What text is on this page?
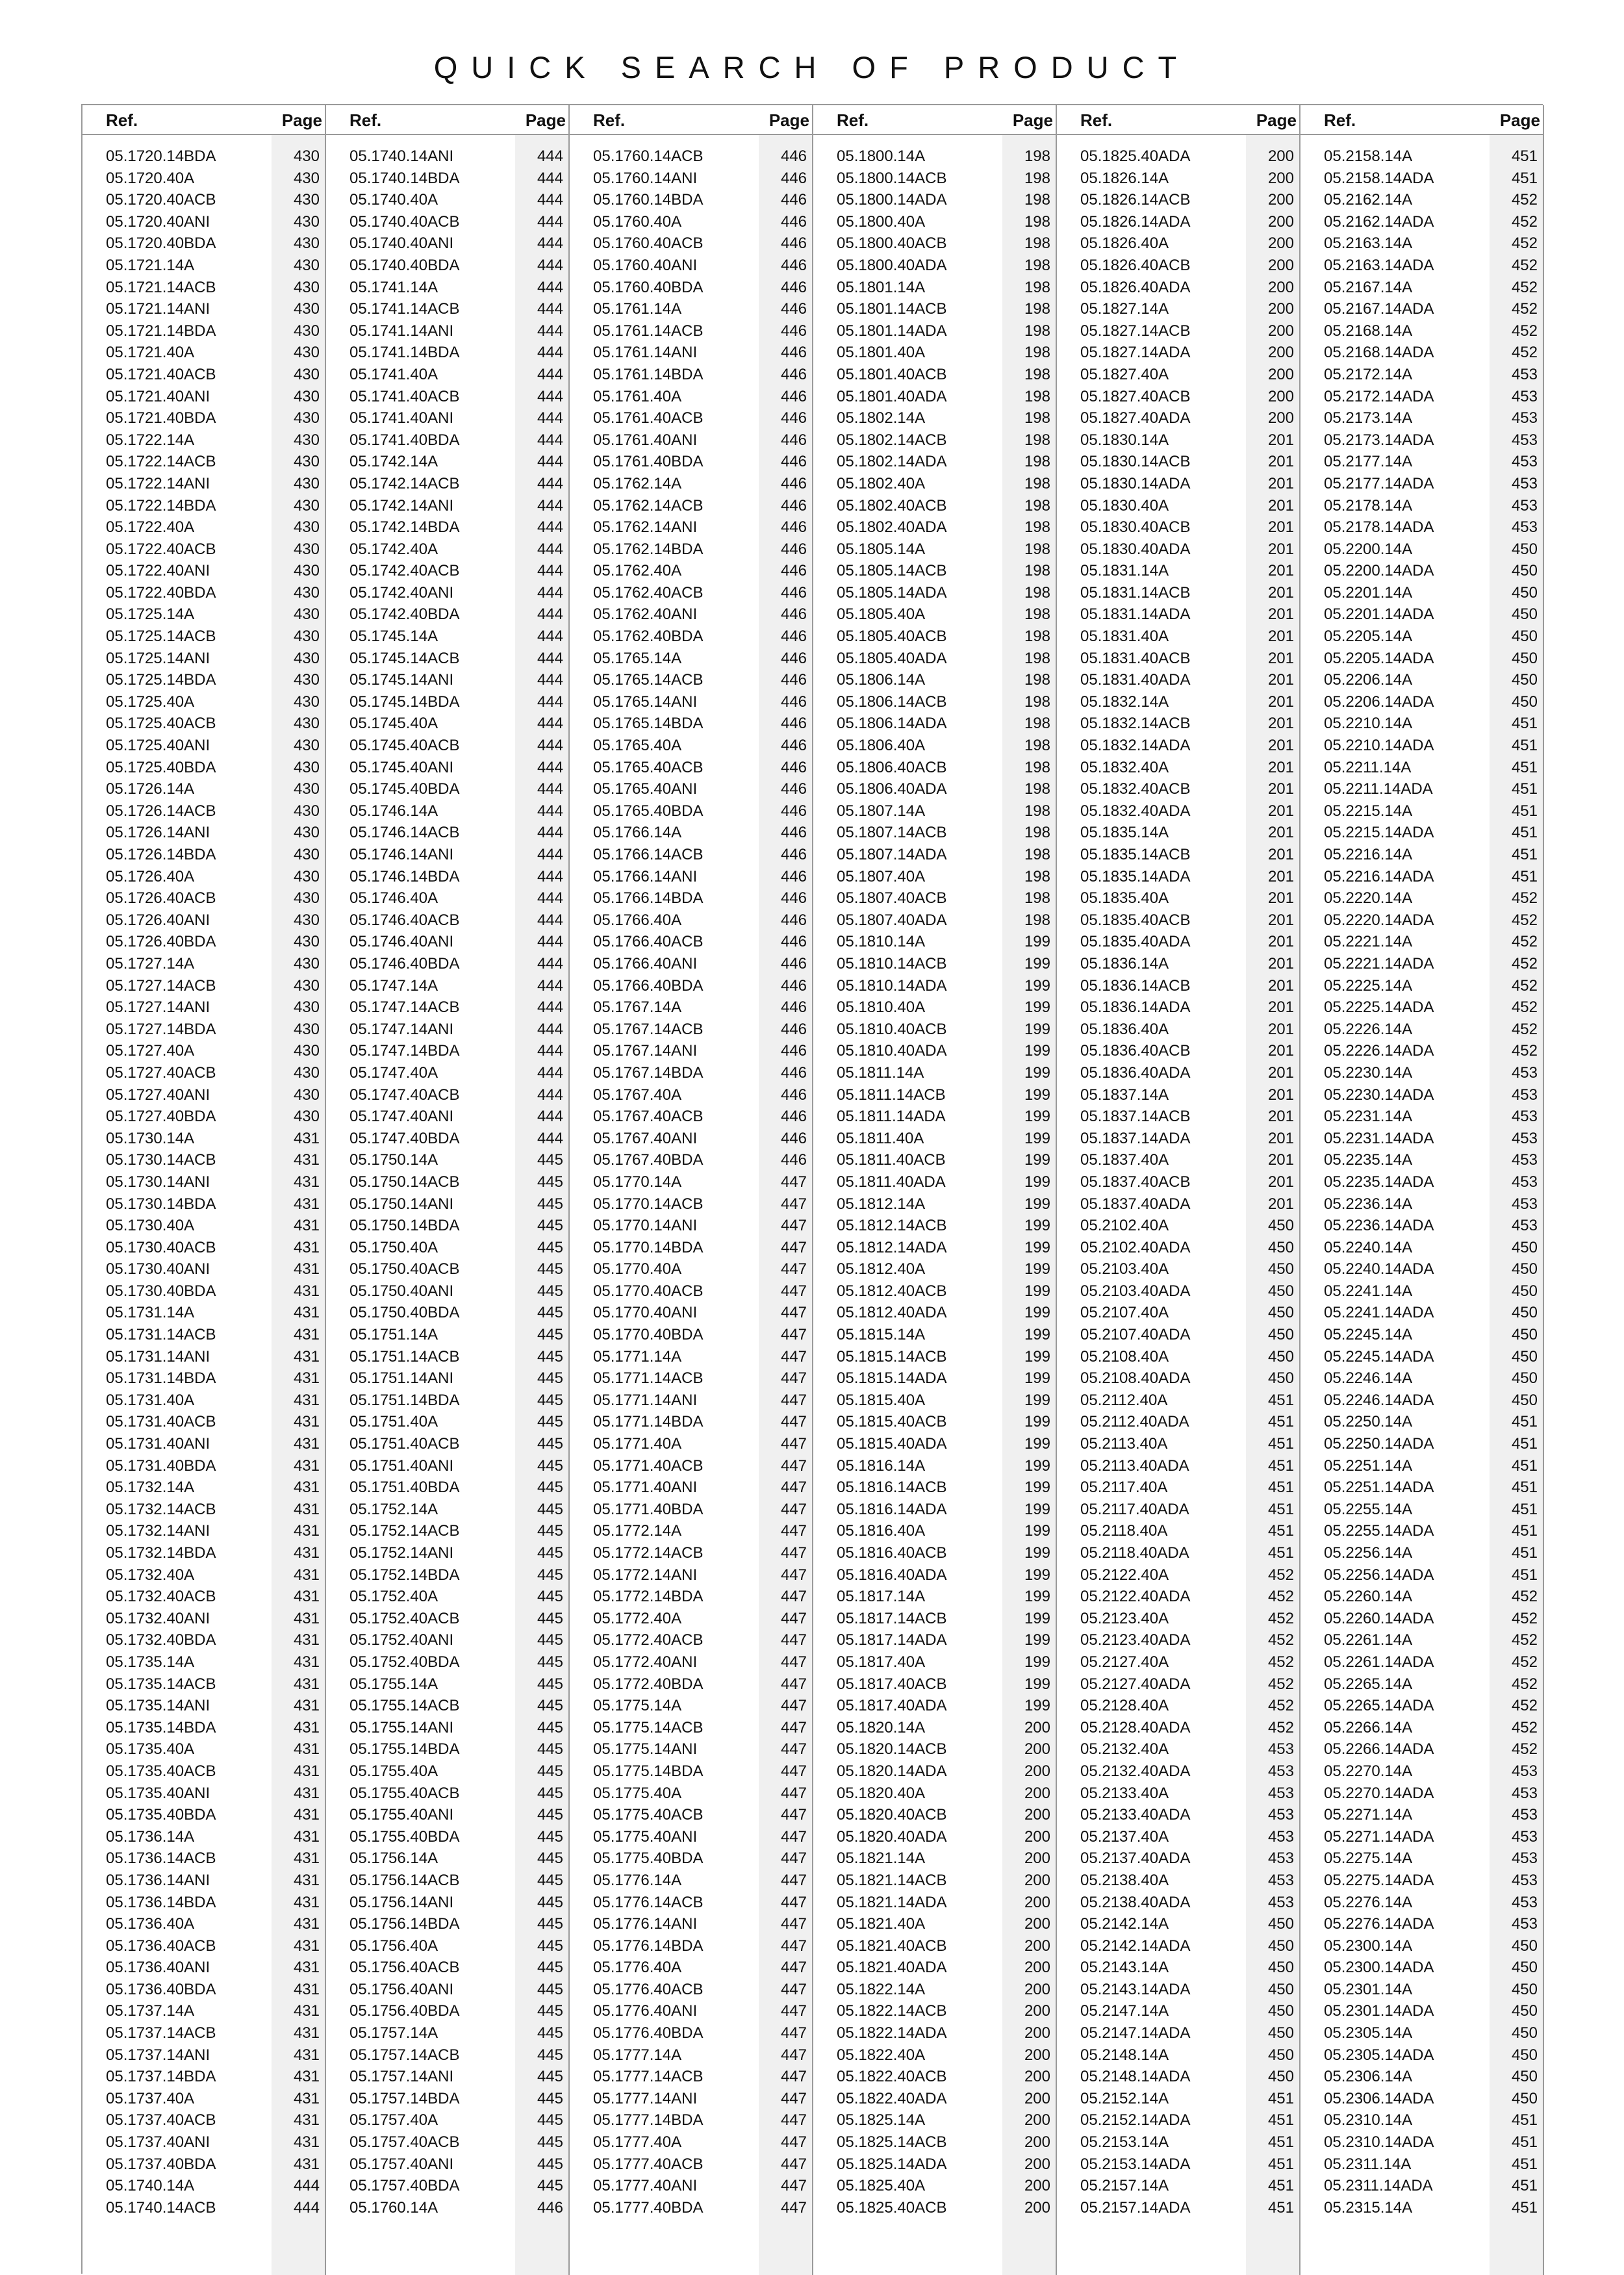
QUICK SEARCH OF PRODUCT
Ref.	Page
05.1720.14BDA	430
05.1720.40A	430
05.1720.40ACB	430
05.1720.40ANI	430
05.1720.40BDA	430
05.1721.14A	430
05.1721.14ACB	430
05.1721.14ANI	430
05.1721.14BDA	430
05.1721.40A	430
05.1721.40ACB	430
05.1721.40ANI	430
05.1721.40BDA	430
05.1722.14A	430
05.1722.14ACB	430
05.1722.14ANI	430
05.1722.14BDA	430
05.1722.40A	430
05.1722.40ACB	430
05.1722.40ANI	430
05.1722.40BDA	430
05.1725.14A	430
05.1725.14ACB	430
05.1725.14ANI	430
05.1725.14BDA	430
05.1725.40A	430
05.1725.40ACB	430
05.1725.40ANI	430
05.1725.40BDA	430
05.1726.14A	430
05.1726.14ACB	430
05.1726.14ANI	430
05.1726.14BDA	430
05.1726.40A	430
05.1726.40ACB	430
05.1726.40ANI	430
05.1726.40BDA	430
05.1727.14A	430
05.1727.14ACB	430
05.1727.14ANI	430
05.1727.14BDA	430
05.1727.40A	430
05.1727.40ACB	430
05.1727.40ANI	430
05.1727.40BDA	430
05.1730.14A	431
05.1730.14ACB	431
05.1730.14ANI	431
05.1730.14BDA	431
05.1730.40A	431
05.1730.40ACB	431
05.1730.40ANI	431
05.1730.40BDA	431
05.1731.14A	431
05.1731.14ACB	431
05.1731.14ANI	431
05.1731.14BDA	431
05.1731.40A	431
05.1731.40ACB	431
05.1731.40ANI	431
05.1731.40BDA	431
05.1732.14A	431
05.1732.14ACB	431
05.1732.14ANI	431
05.1732.14BDA	431
05.1732.40A	431
05.1732.40ACB	431
05.1732.40ANI	431
05.1732.40BDA	431
05.1735.14A	431
05.1735.14ACB	431
05.1735.14ANI	431
05.1735.14BDA	431
05.1735.40A	431
05.1735.40ACB	431
05.1735.40ANI	431
05.1735.40BDA	431
05.1736.14A	431
05.1736.14ACB	431
05.1736.14ANI	431
05.1736.14BDA	431
05.1736.40A	431
05.1736.40ACB	431
05.1736.40ANI	431
05.1736.40BDA	431
05.1737.14A	431
05.1737.14ACB	431
05.1737.14ANI	431
05.1737.14BDA	431
05.1737.40A	431
05.1737.40ACB	431
05.1737.40ANI	431
05.1737.40BDA	431
05.1740.14A	444
05.1740.14ACB	444
Ref.	Page
05.1740.14ANI	444
05.1740.14BDA	444
05.1740.40A	444
05.1740.40ACB	444
05.1740.40ANI	444
05.1740.40BDA	444
05.1741.14A	444
05.1741.14ACB	444
05.1741.14ANI	444
05.1741.14BDA	444
05.1741.40A	444
05.1741.40ACB	444
05.1741.40ANI	444
05.1741.40BDA	444
05.1742.14A	444
05.1742.14ACB	444
05.1742.14ANI	444
05.1742.14BDA	444
05.1742.40A	444
05.1742.40ACB	444
05.1742.40ANI	444
05.1742.40BDA	444
05.1745.14A	444
05.1745.14ACB	444
05.1745.14ANI	444
05.1745.14BDA	444
05.1745.40A	444
05.1745.40ACB	444
05.1745.40ANI	444
05.1745.40BDA	444
05.1746.14A	444
05.1746.14ACB	444
05.1746.14ANI	444
05.1746.14BDA	444
05.1746.40A	444
05.1746.40ACB	444
05.1746.40ANI	444
05.1746.40BDA	444
05.1747.14A	444
05.1747.14ACB	444
05.1747.14ANI	444
05.1747.14BDA	444
05.1747.40A	444
05.1747.40ACB	444
05.1747.40ANI	444
05.1747.40BDA	444
05.1750.14A	445
05.1750.14ACB	445
05.1750.14ANI	445
05.1750.14BDA	445
05.1750.40A	445
05.1750.40ACB	445
05.1750.40ANI	445
05.1750.40BDA	445
05.1751.14A	445
05.1751.14ACB	445
05.1751.14ANI	445
05.1751.14BDA	445
05.1751.40A	445
05.1751.40ACB	445
05.1751.40ANI	445
05.1751.40BDA	445
05.1752.14A	445
05.1752.14ACB	445
05.1752.14ANI	445
05.1752.14BDA	445
05.1752.40A	445
05.1752.40ACB	445
05.1752.40ANI	445
05.1752.40BDA	445
05.1755.14A	445
05.1755.14ACB	445
05.1755.14ANI	445
05.1755.14BDA	445
05.1755.40A	445
05.1755.40ACB	445
05.1755.40ANI	445
05.1755.40BDA	445
05.1756.14A	445
05.1756.14ACB	445
05.1756.14ANI	445
05.1756.14BDA	445
05.1756.40A	445
05.1756.40ACB	445
05.1756.40ANI	445
05.1756.40BDA	445
05.1757.14A	445
05.1757.14ACB	445
05.1757.14ANI	445
05.1757.14BDA	445
05.1757.40A	445
05.1757.40ACB	445
05.1757.40ANI	445
05.1757.40BDA	445
05.1760.14A	446
Ref.	Page
05.1760.14ACB	446
05.1760.14ANI	446
05.1760.14BDA	446
05.1760.40A	446
05.1760.40ACB	446
05.1760.40ANI	446
05.1760.40BDA	446
05.1761.14A	446
05.1761.14ACB	446
05.1761.14ANI	446
05.1761.14BDA	446
05.1761.40A	446
05.1761.40ACB	446
05.1761.40ANI	446
05.1761.40BDA	446
05.1762.14A	446
05.1762.14ACB	446
05.1762.14ANI	446
05.1762.14BDA	446
05.1762.40A	446
05.1762.40ACB	446
05.1762.40ANI	446
05.1762.40BDA	446
05.1765.14A	446
05.1765.14ACB	446
05.1765.14ANI	446
05.1765.14BDA	446
05.1765.40A	446
05.1765.40ACB	446
05.1765.40ANI	446
05.1765.40BDA	446
05.1766.14A	446
05.1766.14ACB	446
05.1766.14ANI	446
05.1766.14BDA	446
05.1766.40A	446
05.1766.40ACB	446
05.1766.40ANI	446
05.1766.40BDA	446
05.1767.14A	446
05.1767.14ACB	446
05.1767.14ANI	446
05.1767.14BDA	446
05.1767.40A	446
05.1767.40ACB	446
05.1767.40ANI	446
05.1767.40BDA	446
05.1770.14A	447
05.1770.14ACB	447
05.1770.14ANI	447
05.1770.14BDA	447
05.1770.40A	447
05.1770.40ACB	447
05.1770.40ANI	447
05.1770.40BDA	447
05.1771.14A	447
05.1771.14ACB	447
05.1771.14ANI	447
05.1771.14BDA	447
05.1771.40A	447
05.1771.40ACB	447
05.1771.40ANI	447
05.1771.40BDA	447
05.1772.14A	447
05.1772.14ACB	447
05.1772.14ANI	447
05.1772.14BDA	447
05.1772.40A	447
05.1772.40ACB	447
05.1772.40ANI	447
05.1772.40BDA	447
05.1775.14A	447
05.1775.14ACB	447
05.1775.14ANI	447
05.1775.14BDA	447
05.1775.40A	447
05.1775.40ACB	447
05.1775.40ANI	447
05.1775.40BDA	447
05.1776.14A	447
05.1776.14ACB	447
05.1776.14ANI	447
05.1776.14BDA	447
05.1776.40A	447
05.1776.40ACB	447
05.1776.40ANI	447
05.1776.40BDA	447
05.1777.14A	447
05.1777.14ACB	447
05.1777.14ANI	447
05.1777.14BDA	447
05.1777.40A	447
05.1777.40ACB	447
05.1777.40ANI	447
05.1777.40BDA	447
Ref.	Page
05.1800.14A	198
05.1800.14ACB	198
05.1800.14ADA	198
05.1800.40A	198
05.1800.40ACB	198
05.1800.40ADA	198
05.1801.14A	198
05.1801.14ACB	198
05.1801.14ADA	198
05.1801.40A	198
05.1801.40ACB	198
05.1801.40ADA	198
05.1802.14A	198
05.1802.14ACB	198
05.1802.14ADA	198
05.1802.40A	198
05.1802.40ACB	198
05.1802.40ADA	198
05.1805.14A	198
05.1805.14ACB	198
05.1805.14ADA	198
05.1805.40A	198
05.1805.40ACB	198
05.1805.40ADA	198
05.1806.14A	198
05.1806.14ACB	198
05.1806.14ADA	198
05.1806.40A	198
05.1806.40ACB	198
05.1806.40ADA	198
05.1807.14A	198
05.1807.14ACB	198
05.1807.14ADA	198
05.1807.40A	198
05.1807.40ACB	198
05.1807.40ADA	198
05.1810.14A	199
05.1810.14ACB	199
05.1810.14ADA	199
05.1810.40A	199
05.1810.40ACB	199
05.1810.40ADA	199
05.1811.14A	199
05.1811.14ACB	199
05.1811.14ADA	199
05.1811.40A	199
05.1811.40ACB	199
05.1811.40ADA	199
05.1812.14A	199
05.1812.14ACB	199
05.1812.14ADA	199
05.1812.40A	199
05.1812.40ACB	199
05.1812.40ADA	199
05.1815.14A	199
05.1815.14ACB	199
05.1815.14ADA	199
05.1815.40A	199
05.1815.40ACB	199
05.1815.40ADA	199
05.1816.14A	199
05.1816.14ACB	199
05.1816.14ADA	199
05.1816.40A	199
05.1816.40ACB	199
05.1816.40ADA	199
05.1817.14A	199
05.1817.14ACB	199
05.1817.14ADA	199
05.1817.40A	199
05.1817.40ACB	199
05.1817.40ADA	199
05.1820.14A	200
05.1820.14ACB	200
05.1820.14ADA	200
05.1820.40A	200
05.1820.40ACB	200
05.1820.40ADA	200
05.1821.14A	200
05.1821.14ACB	200
05.1821.14ADA	200
05.1821.40A	200
05.1821.40ACB	200
05.1821.40ADA	200
05.1822.14A	200
05.1822.14ACB	200
05.1822.14ADA	200
05.1822.40A	200
05.1822.40ACB	200
05.1822.40ADA	200
05.1825.14A	200
05.1825.14ACB	200
05.1825.14ADA	200
05.1825.40A	200
05.1825.40ACB	200
Ref.	Page
05.1825.40ADA	200
05.1826.14A	200
05.1826.14ACB	200
05.1826.14ADA	200
05.1826.40A	200
05.1826.40ACB	200
05.1826.40ADA	200
05.1827.14A	200
05.1827.14ACB	200
05.1827.14ADA	200
05.1827.40A	200
05.1827.40ACB	200
05.1827.40ADA	200
05.1830.14A	201
05.1830.14ACB	201
05.1830.14ADA	201
05.1830.40A	201
05.1830.40ACB	201
05.1830.40ADA	201
05.1831.14A	201
05.1831.14ACB	201
05.1831.14ADA	201
05.1831.40A	201
05.1831.40ACB	201
05.1831.40ADA	201
05.1832.14A	201
05.1832.14ACB	201
05.1832.14ADA	201
05.1832.40A	201
05.1832.40ACB	201
05.1832.40ADA	201
05.1835.14A	201
05.1835.14ACB	201
05.1835.14ADA	201
05.1835.40A	201
05.1835.40ACB	201
05.1835.40ADA	201
05.1836.14A	201
05.1836.14ACB	201
05.1836.14ADA	201
05.1836.40A	201
05.1836.40ACB	201
05.1836.40ADA	201
05.1837.14A	201
05.1837.14ACB	201
05.1837.14ADA	201
05.1837.40A	201
05.1837.40ACB	201
05.1837.40ADA	201
05.2102.40A	450
05.2102.40ADA	450
05.2103.40A	450
05.2103.40ADA	450
05.2107.40A	450
05.2107.40ADA	450
05.2108.40A	450
05.2108.40ADA	450
05.2112.40A	451
05.2112.40ADA	451
05.2113.40A	451
05.2113.40ADA	451
05.2117.40A	451
05.2117.40ADA	451
05.2118.40A	451
05.2118.40ADA	451
05.2122.40A	452
05.2122.40ADA	452
05.2123.40A	452
05.2123.40ADA	452
05.2127.40A	452
05.2127.40ADA	452
05.2128.40A	452
05.2128.40ADA	452
05.2132.40A	453
05.2132.40ADA	453
05.2133.40A	453
05.2133.40ADA	453
05.2137.40A	453
05.2137.40ADA	453
05.2138.40A	453
05.2138.40ADA	453
05.2142.14A	450
05.2142.14ADA	450
05.2143.14A	450
05.2143.14ADA	450
05.2147.14A	450
05.2147.14ADA	450
05.2148.14A	450
05.2148.14ADA	450
05.2152.14A	451
05.2152.14ADA	451
05.2153.14A	451
05.2153.14ADA	451
05.2157.14A	451
05.2157.14ADA	451
Ref.	Page
05.2158.14A	451
05.2158.14ADA	451
05.2162.14A	452
05.2162.14ADA	452
05.2163.14A	452
05.2163.14ADA	452
05.2167.14A	452
05.2167.14ADA	452
05.2168.14A	452
05.2168.14ADA	452
05.2172.14A	453
05.2172.14ADA	453
05.2173.14A	453
05.2173.14ADA	453
05.2177.14A	453
05.2177.14ADA	453
05.2178.14A	453
05.2178.14ADA	453
05.2200.14A	450
05.2200.14ADA	450
05.2201.14A	450
05.2201.14ADA	450
05.2205.14A	450
05.2205.14ADA	450
05.2206.14A	450
05.2206.14ADA	450
05.2210.14A	451
05.2210.14ADA	451
05.2211.14A	451
05.2211.14ADA	451
05.2215.14A	451
05.2215.14ADA	451
05.2216.14A	451
05.2216.14ADA	451
05.2220.14A	452
05.2220.14ADA	452
05.2221.14A	452
05.2221.14ADA	452
05.2225.14A	452
05.2225.14ADA	452
05.2226.14A	452
05.2226.14ADA	452
05.2230.14A	453
05.2230.14ADA	453
05.2231.14A	453
05.2231.14ADA	453
05.2235.14A	453
05.2235.14ADA	453
05.2236.14A	453
05.2236.14ADA	453
05.2240.14A	450
05.2240.14ADA	450
05.2241.14A	450
05.2241.14ADA	450
05.2245.14A	450
05.2245.14ADA	450
05.2246.14A	450
05.2246.14ADA	450
05.2250.14A	451
05.2250.14ADA	451
05.2251.14A	451
05.2251.14ADA	451
05.2255.14A	451
05.2255.14ADA	451
05.2256.14A	451
05.2256.14ADA	451
05.2260.14A	452
05.2260.14ADA	452
05.2261.14A	452
05.2261.14ADA	452
05.2265.14A	452
05.2265.14ADA	452
05.2266.14A	452
05.2266.14ADA	452
05.2270.14A	453
05.2270.14ADA	453
05.2271.14A	453
05.2271.14ADA	453
05.2275.14A	453
05.2275.14ADA	453
05.2276.14A	453
05.2276.14ADA	453
05.2300.14A	450
05.2300.14ADA	450
05.2301.14A	450
05.2301.14ADA	450
05.2305.14A	450
05.2305.14ADA	450
05.2306.14A	450
05.2306.14ADA	450
05.2310.14A	451
05.2310.14ADA	451
05.2311.14A	451
05.2311.14ADA	451
05.2315.14A	451
